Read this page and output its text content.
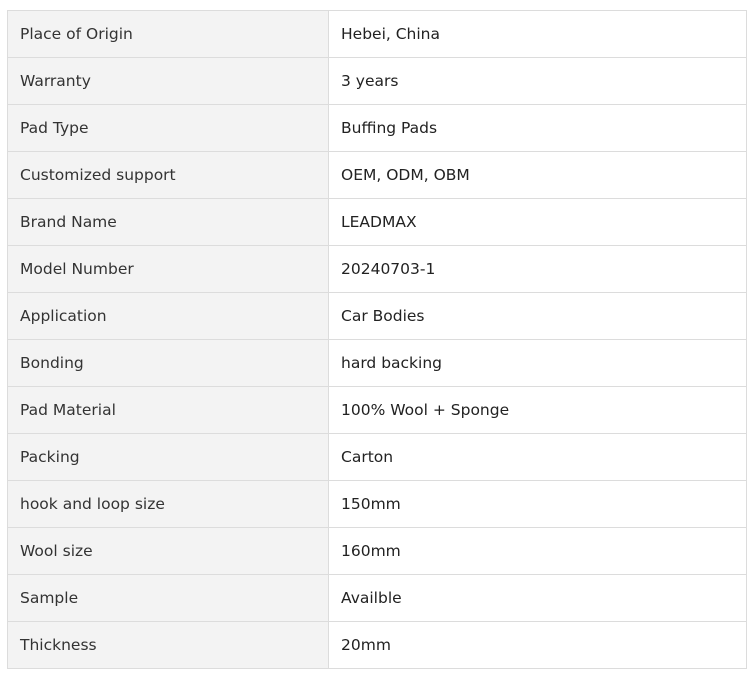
Place of Origin	Hebei, China
Warranty	3 years
Pad Type	Buffing Pads
Customized support	OEM, ODM, OBM
Brand Name	LEADMAX
Model Number	20240703-1
Application	Car Bodies
Bonding	hard backing
Pad Material	100% Wool + Sponge
Packing	Carton
hook and loop size	150mm
Wool size	160mm
Sample	Availble
Thickness	20mm
